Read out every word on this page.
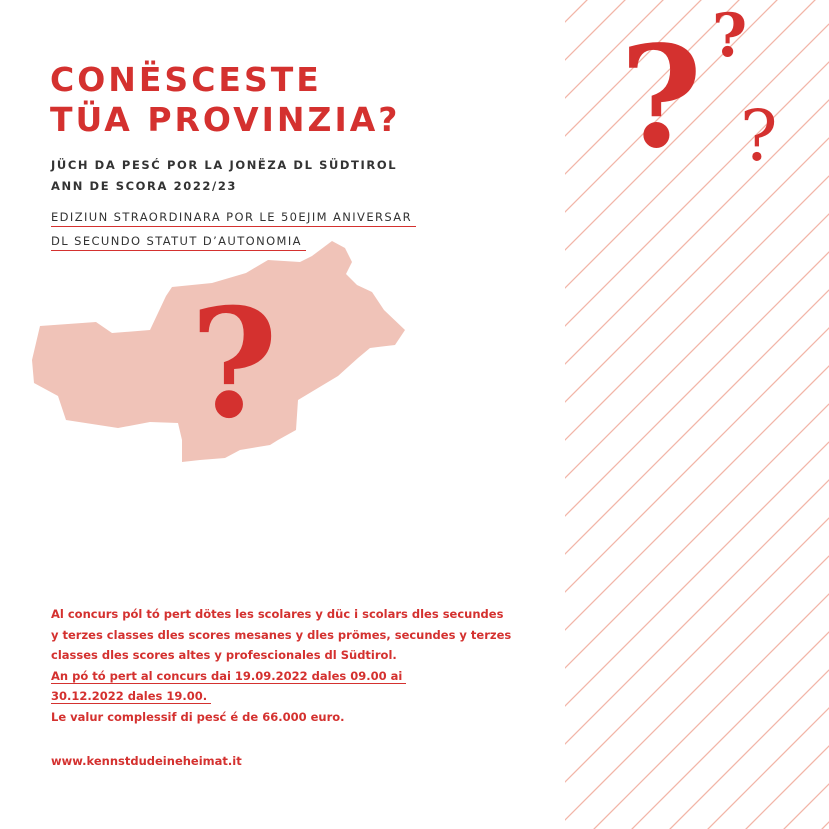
? ?
?
CONËSCESTE
TÜA PROVINZIA?
JÜCH DA PESĆ POR LA JONËZA DL SÜDTIROL
ANN DE SCORA 2022/23
EDIZIUN STRAORDINARA POR LE 50EJIM ANIVERSAR
DL SECUNDO STATUT D’AUTONOMIA
?
Al concurs pól tó pert dötes les scolares y düc i scolars dles secundes
y terzes classes dles scores mesanes y dles prömes, secundes y terzes
classes dles scores altes y profescionales dl Südtirol.
An pó tó pert al concurs dai 19.09.2022 dales 09.00 ai
30.12.2022 dales 19.00.
Le valur complessif di pesć é de 66.000 euro.
www.kennstdudeineheimat.it
